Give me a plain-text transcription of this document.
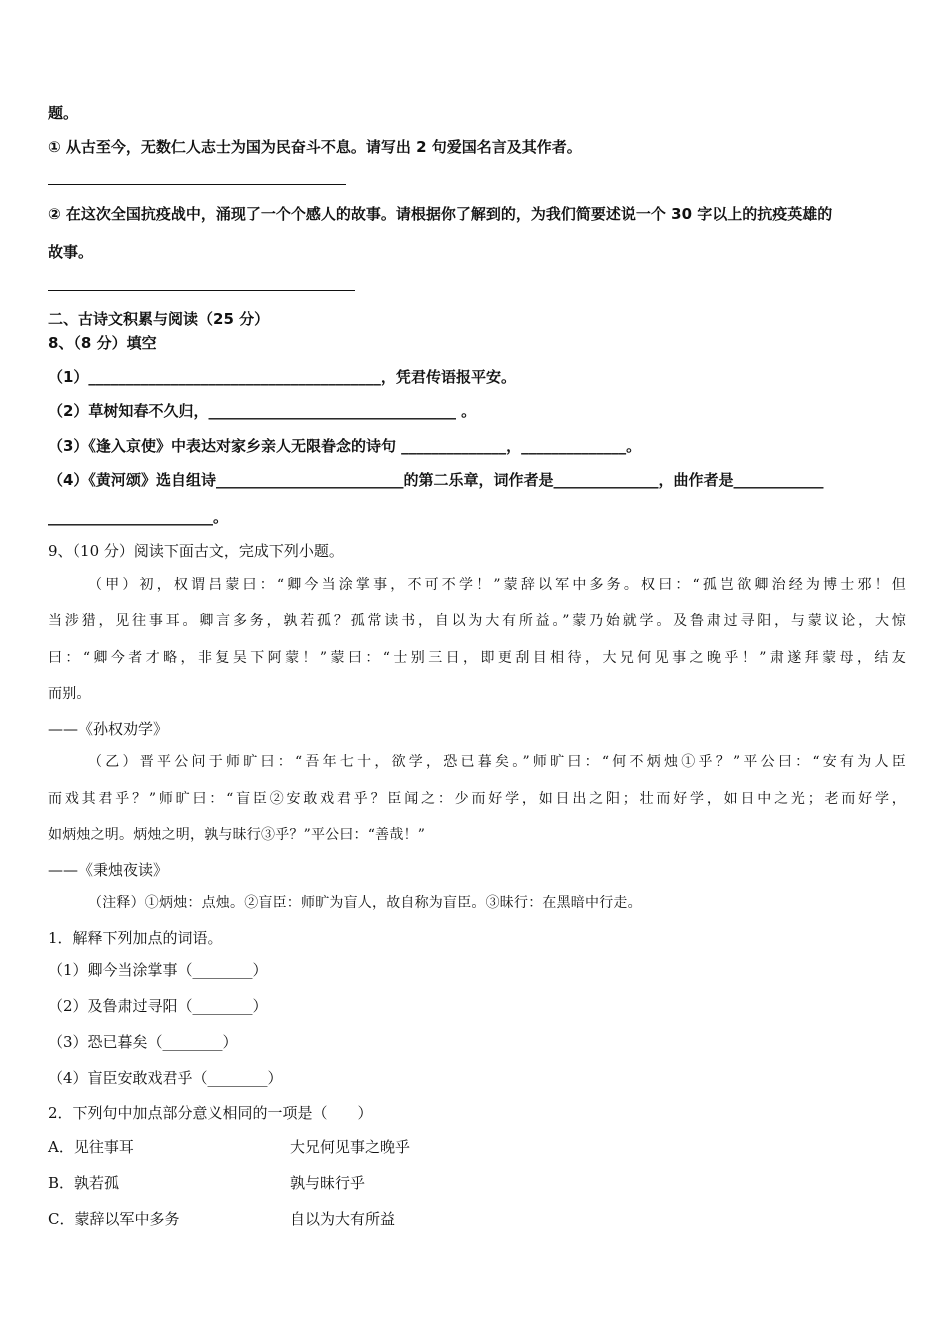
题。
① 从古至今，无数仁人志士为国为民奋斗不息。请写出 2 句爱国名言及其作者。
② 在这次全国抗疫战中，涌现了一个个感人的故事。请根据你了解到的，为我们简要述说一个 30 字以上的抗疫英雄的
故事。
二、古诗文积累与阅读（25 分）
8、（8 分）填空
（1）_______________________________________，凭君传语报平安。
（2）草树知春不久归，_________________________________ 。
（3）《逢入京使》中表达对家乡亲人无限眷念的诗句 ______________，______________。
（4）《黄河颂》选自组诗_________________________的第二乐章，词作者是______________，曲作者是____________
______________________。
9、（10 分）阅读下面古文，完成下列小题。
（甲）初，权谓吕蒙曰：“卿今当涂掌事，不可不学！”蒙辞以军中多务。权曰：“孤岂欲卿治经为博士邪！但
当涉猎，见往事耳。卿言多务，孰若孤？孤常读书，自以为大有所益。”蒙乃始就学。及鲁肃过寻阳，与蒙议论，大惊
曰：“卿今者才略，非复吴下阿蒙！”蒙曰：“士别三日，即更刮目相待，大兄何见事之晚乎！”肃遂拜蒙母，结友
而别。
——《孙权劝学》
（乙）晋平公问于师旷曰：“吾年七十，欲学，恐已暮矣。”师旷曰：“何不炳烛①乎？”平公曰：“安有为人臣
而戏其君乎？”师旷曰：“盲臣②安敢戏君乎？臣闻之：少而好学，如日出之阳；壮而好学，如日中之光；老而好学，
如炳烛之明。炳烛之明，孰与昧行③乎？”平公曰：“善哉！”
——《秉烛夜读》
（注释）①炳烛：点烛。②盲臣：师旷为盲人，故自称为盲臣。③昧行：在黑暗中行走。
1．解释下列加点的词语。
（1）卿今当涂掌事（________）
（2）及鲁肃过寻阳（________）
（3）恐已暮矣（________）
（4）盲臣安敢戏君乎（________）
2．下列句中加点部分意义相同的一项是（　　）
A．见往事耳	大兄何见事之晚乎
B．孰若孤	孰与昧行乎
C．蒙辞以军中多务	自以为大有所益
